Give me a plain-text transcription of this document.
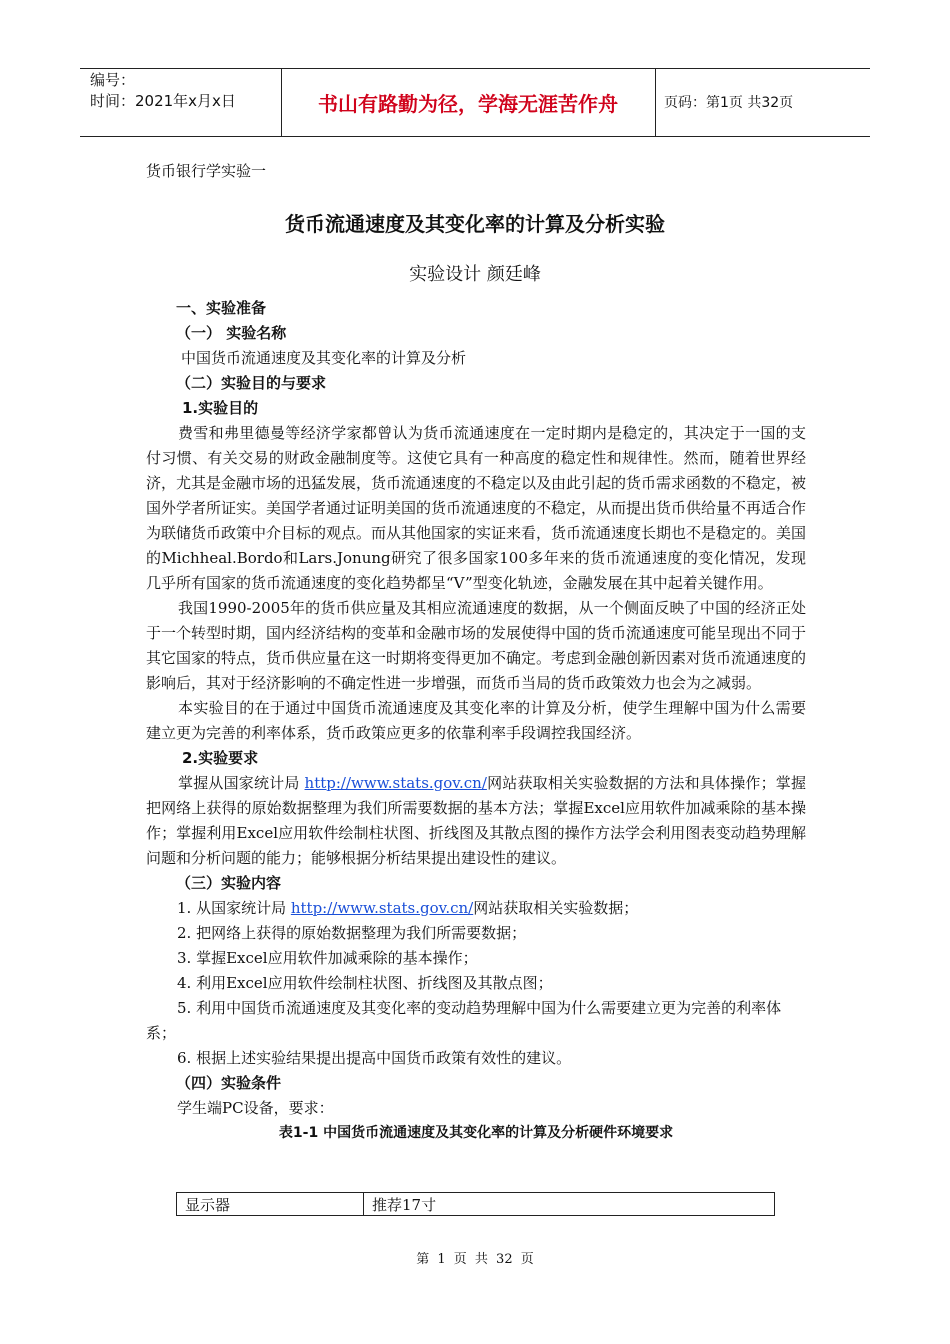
编号：
时间：2021年x月x日	书山有路勤为径，学海无涯苦作舟	页码：第1页 共32页
货币银行学实验一
货币流通速度及其变化率的计算及分析实验
实验设计 颜廷峰

一、实验准备

（一） 实验名称

中国货币流通速度及其变化率的计算及分析

（二）实验目的与要求

1.实验目的

费雪和弗里德曼等经济学家都曾认为货币流通速度在一定时期内是稳定的，其决定于一国的支付习惯、有关交易的财政金融制度等。这使它具有一种高度的稳定性和规律性。然而，随着世界经济，尤其是金融市场的迅猛发展，货币流通速度的不稳定以及由此引起的货币需求函数的不稳定，被国外学者所证实。美国学者通过证明美国的货币流通速度的不稳定，从而提出货币供给量不再适合作为联储货币政策中介目标的观点。而从其他国家的实证来看，货币流通速度长期也不是稳定的。美国的Michheal.Bordo和Lars.Jonung研究了很多国家100多年来的货币流通速度的变化情况，发现几乎所有国家的货币流通速度的变化趋势都呈“V”型变化轨迹，金融发展在其中起着关键作用。

我国1990-2005年的货币供应量及其相应流通速度的数据，从一个侧面反映了中国的经济正处于一个转型时期，国内经济结构的变革和金融市场的发展使得中国的货币流通速度可能呈现出不同于其它国家的特点，货币供应量在这一时期将变得更加不确定。考虑到金融创新因素对货币流通速度的影响后，其对于经济影响的不确定性进一步增强，而货币当局的货币政策效力也会为之减弱。

本实验目的在于通过中国货币流通速度及其变化率的计算及分析，使学生理解中国为什么需要建立更为完善的利率体系，货币政策应更多的依靠利率手段调控我国经济。

2.实验要求

掌握从国家统计局 http://www.stats.gov.cn/网站获取相关实验数据的方法和具体操作；掌握把网络上获得的原始数据整理为我们所需要数据的基本方法；掌握Excel应用软件加减乘除的基本操作；掌握利用Excel应用软件绘制柱状图、折线图及其散点图的操作方法学会利用图表变动趋势理解问题和分析问题的能力；能够根据分析结果提出建设性的建议。

（三）实验内容

1. 从国家统计局 http://www.stats.gov.cn/网站获取相关实验数据；

2. 把网络上获得的原始数据整理为我们所需要数据；

3. 掌握Excel应用软件加减乘除的基本操作；

4. 利用Excel应用软件绘制柱状图、折线图及其散点图；

5. 利用中国货币流通速度及其变化率的变动趋势理解中国为什么需要建立更为完善的利率体系；

6. 根据上述实验结果提出提高中国货币政策有效性的建议。

（四）实验条件

学生端PC设备，要求：

表1-1 中国货币流通速度及其变化率的计算及分析硬件环境要求

显示器	推荐17寸
第 1 页 共 32 页
